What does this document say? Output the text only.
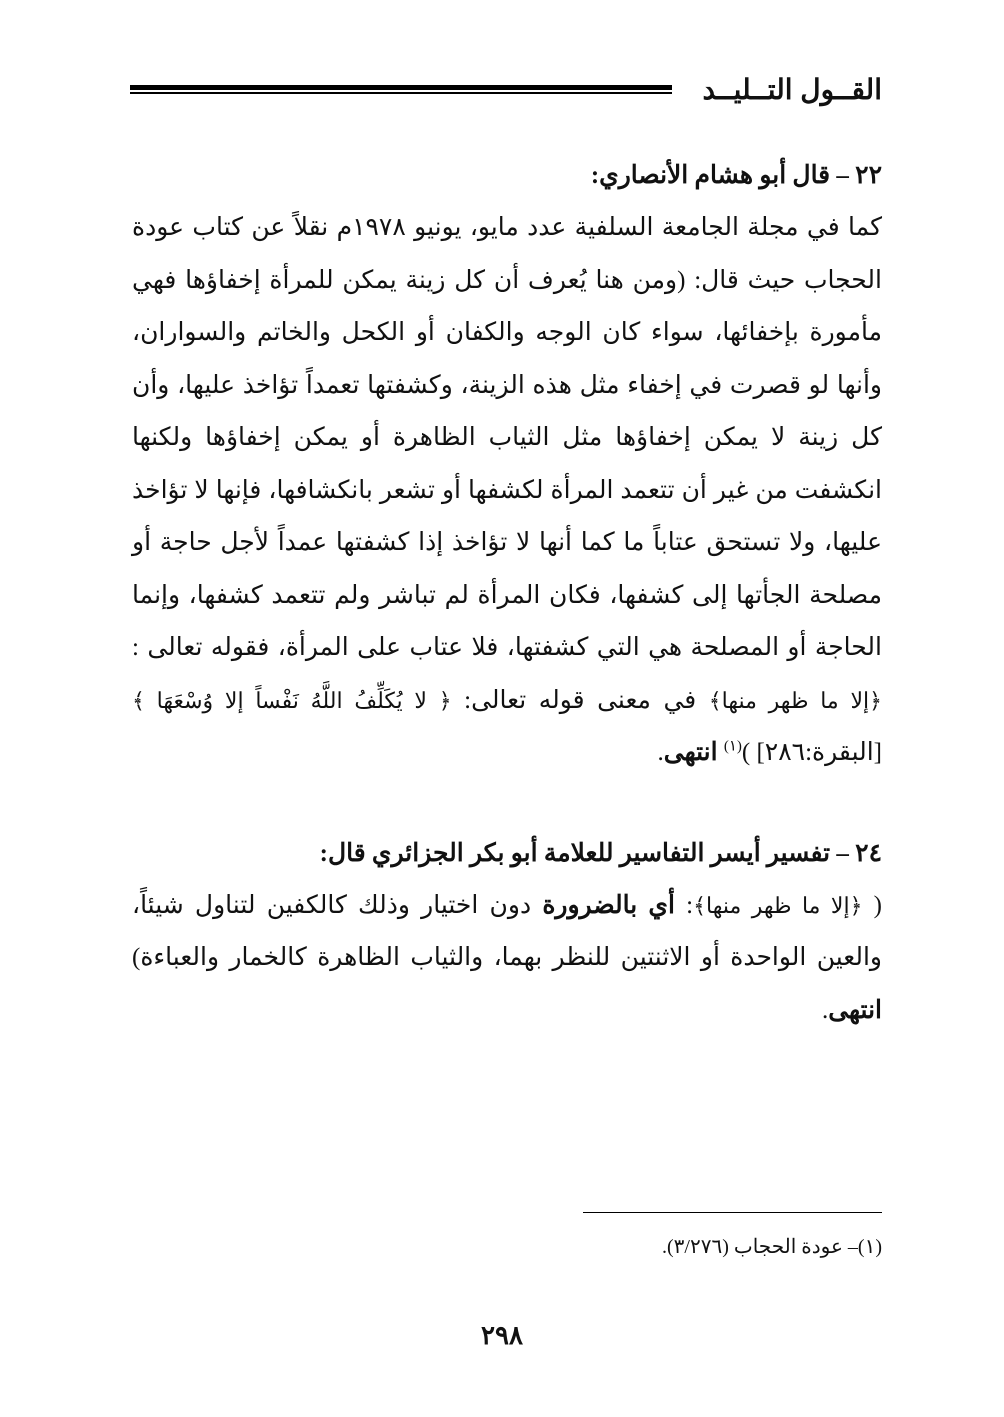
القــول التــليــد
٢٢ – قال أبو هشام الأنصاري:

كما في مجلة الجامعة السلفية عدد مايو، يونيو ١٩٧٨م نقلاً عن كتاب عودة الحجاب حيث قال: (ومن هنا يُعرف أن كل زينة يمكن للمرأة إخفاؤها فهي مأمورة بإخفائها، سواء كان الوجه والكفان أو الكحل والخاتم والسواران، وأنها لو قصرت في إخفاء مثل هذه الزينة، وكشفتها تعمداً تؤاخذ عليها، وأن كل زينة لا يمكن إخفاؤها مثل الثياب الظاهرة أو يمكن إخفاؤها ولكنها انكشفت من غير أن تتعمد المرأة لكشفها أو تشعر بانكشافها، فإنها لا تؤاخذ عليها، ولا تستحق عتاباً ما كما أنها لا تؤاخذ إذا كشفتها عمداً لأجل حاجة أو مصلحة الجأتها إلى كشفها، فكان المرأة لم تباشر ولم تتعمد كشفها، وإنما الحاجة أو المصلحة هي التي كشفتها، فلا عتاب على المرأة، فقوله تعالى : ﴿إلا ما ظهر منها﴾ في معنى قوله تعالى: ﴿ لا يُكَلِّفُ اللَّهُ نَفْساً إلا وُسْعَهَا ﴾ [البقرة:٢٨٦] )$^{(١)}$ انتهى.

٢٤ – تفسير أيسر التفاسير للعلامة أبو بكر الجزائري قال:

( ﴿إلا ما ظهر منها﴾: أي بالضرورة دون اختيار وذلك كالكفين لتناول شيئاً، والعين الواحدة أو الاثنتين للنظر بهما، والثياب الظاهرة كالخمار والعباءة) انتهى.

(١)– عودة الحجاب (٣/٢٧٦).
٢٩٨
